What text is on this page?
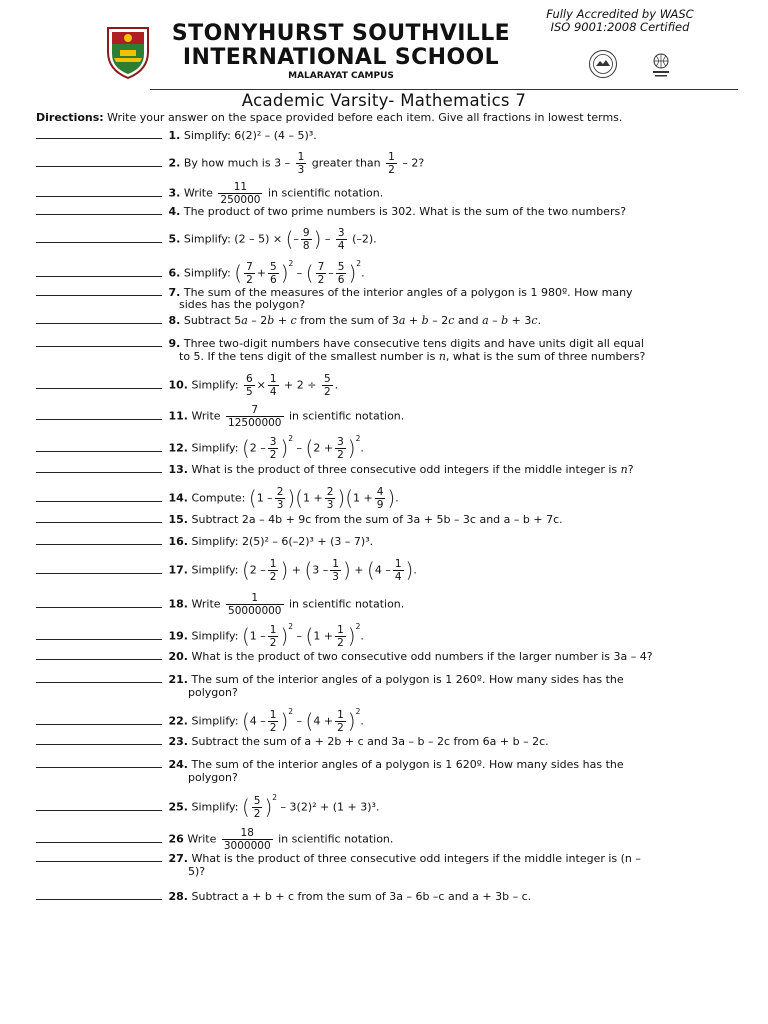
STONYHURST SOUTHVILLE
INTERNATIONAL SCHOOL
MALARAYAT CAMPUS
Fully Accredited by WASC
ISO 9001:2008 Certified
Academic Varsity- Mathematics 7
Directions: Write your answer on the space provided before each item. Give all fractions in lowest terms.
1. Simplify: 6(2)² – (4 – 5)³.
2. By how much is $3 - \frac{1}{3}$ greater than $\frac{1}{2} - 2$?
3. Write $\frac{11}{250000}$ in scientific notation.
4. The product of two prime numbers is 302. What is the sum of the two numbers?
5. Simplify: (2 – 5) × (– $\frac{9}{8}$ ) – $\frac{3}{4} (-2)$.
6. Simplify: ( $\frac{7}{2} + \frac{5}{6} )^2$ – ( $\frac{7}{2} - \frac{5}{6} )^2$.
7. The sum of the measures of the interior angles of a polygon is 1 980º. How many
sides has the polygon?
8. Subtract 5a – 2b + c from the sum of 3a + b – 2c and a – b + 3c.
9. Three two-digit numbers have consecutive tens digits and have units digit all equal
to 5. If the tens digit of the smallest number is n, what is the sum of three numbers?
10. Simplify: $\frac{6}{5} \times \frac{1}{4} + 2 \div \frac{5}{2}$ .
11. Write $\frac{7}{12500000}$ in scientific notation.
12. Simplify: $(2 - \frac{3}{2} )^2 - (2 + \frac{3}{2} )^2$.
13. What is the product of three consecutive odd integers if the middle integer is n?
14. Compute: $(1 - \frac{2}{3} )(1 + \frac{2}{3} )(1 + \frac{4}{9}$ ).
15. Subtract 2a – 4b + 9c from the sum of 3a + 5b – 3c and a – b + 7c.
16. Simplify: 2(5)² – 6(–2)³ + (3 – 7)³.
17. Simplify: ($2 - \frac{1}{2}$ ) + ($3 - \frac{1}{3}$ ) + ($4 - \frac{1}{4}$ ).
18. Write $\frac{1}{50000000}$ in scientific notation.
19. Simplify: $(1 - \frac{1}{2} )^2 - (1 + \frac{1}{2} )^2$.
20. What is the product of two consecutive odd numbers if the larger number is 3a – 4?
21. The sum of the interior angles of a polygon is 1 260º. How many sides has the
polygon?
22. Simplify: $(4 - \frac{1}{2} )^2 - (4 + \frac{1}{2} )^2$.
23. Subtract the sum of a + 2b + c and 3a – b – 2c from 6a + b – 2c.
24. The sum of the interior angles of a polygon is 1 620º. How many sides has the
polygon?
25. Simplify: ( $\frac{5}{2} )^2 - 3(2)^2 + (1 + 3)^3$.
26 Write $\frac{18}{3000000}$ in scientific notation.
27. What is the product of three consecutive odd integers if the middle integer is (n –
5)?
28. Subtract a + b + c from the sum of 3a – 6b –c and a + 3b – c.
